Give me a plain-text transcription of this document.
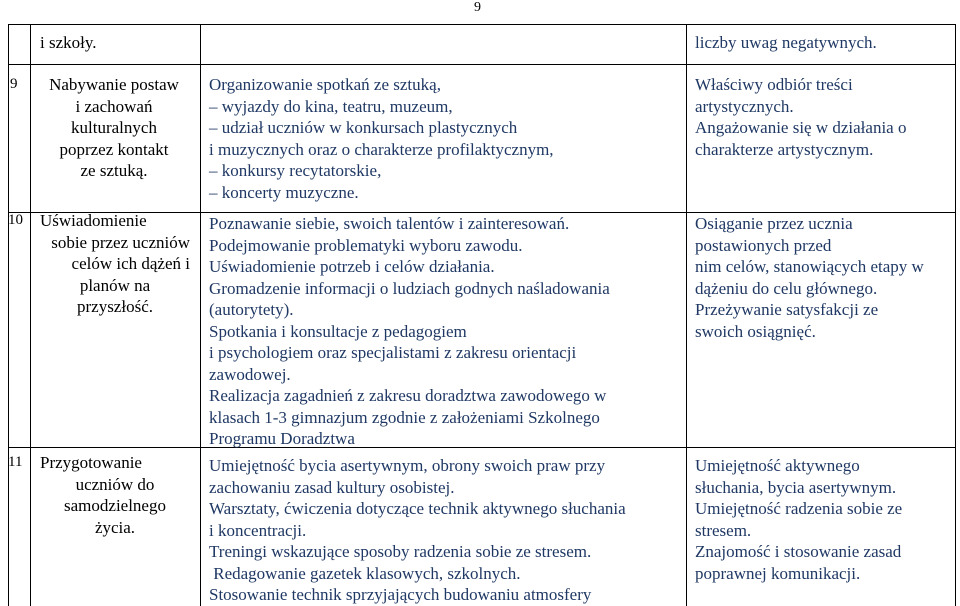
9
i szkoły.	liczby uwag negatywnych.
9	Nabywanie postaw
i zachowań
kulturalnych
poprzez kontakt
ze sztuką.
Organizowanie spotkań ze sztuką,
– wyjazdy do kina, teatru, muzeum,
– udział uczniów w konkursach plastycznych
i muzycznych oraz o charakterze profilaktycznym,
– konkursy recytatorskie,
– koncerty muzyczne.
Właściwy odbiór treści
artystycznych.
Angażowanie się w działania o
charakterze artystycznym.
10 Uświadomienie
sobie przez uczniów
celów ich dążeń i
planów na
przyszłość.
Poznawanie siebie, swoich talentów i zainteresowań.
Podejmowanie problematyki wyboru zawodu.
Uświadomienie potrzeb i celów działania.
Gromadzenie informacji o ludziach godnych naśladowania
(autorytety).
Spotkania i konsultacje z pedagogiem
i psychologiem oraz specjalistami z zakresu orientacji
zawodowej.
Realizacja zagadnień z zakresu doradztwa zawodowego w
klasach 1-3 gimnazjum zgodnie z założeniami Szkolnego
Programu Doradztwa
Osiąganie przez ucznia
postawionych przed
nim celów, stanowiących etapy w
dążeniu do celu głównego.
Przeżywanie satysfakcji ze
swoich osiągnięć.
11 Przygotowanie
uczniów do
samodzielnego
życia.
Umiejętność bycia asertywnym, obrony swoich praw przy
zachowaniu zasad kultury osobistej.
Warsztaty, ćwiczenia dotyczące technik aktywnego słuchania
i koncentracji.
Treningi wskazujące sposoby radzenia sobie ze stresem.
Redagowanie gazetek klasowych, szkolnych.
Stosowanie technik sprzyjających budowaniu atmosfery
Umiejętność aktywnego
słuchania, bycia asertywnym.
Umiejętność radzenia sobie ze
stresem.
Znajomość i stosowanie zasad
poprawnej komunikacji.
